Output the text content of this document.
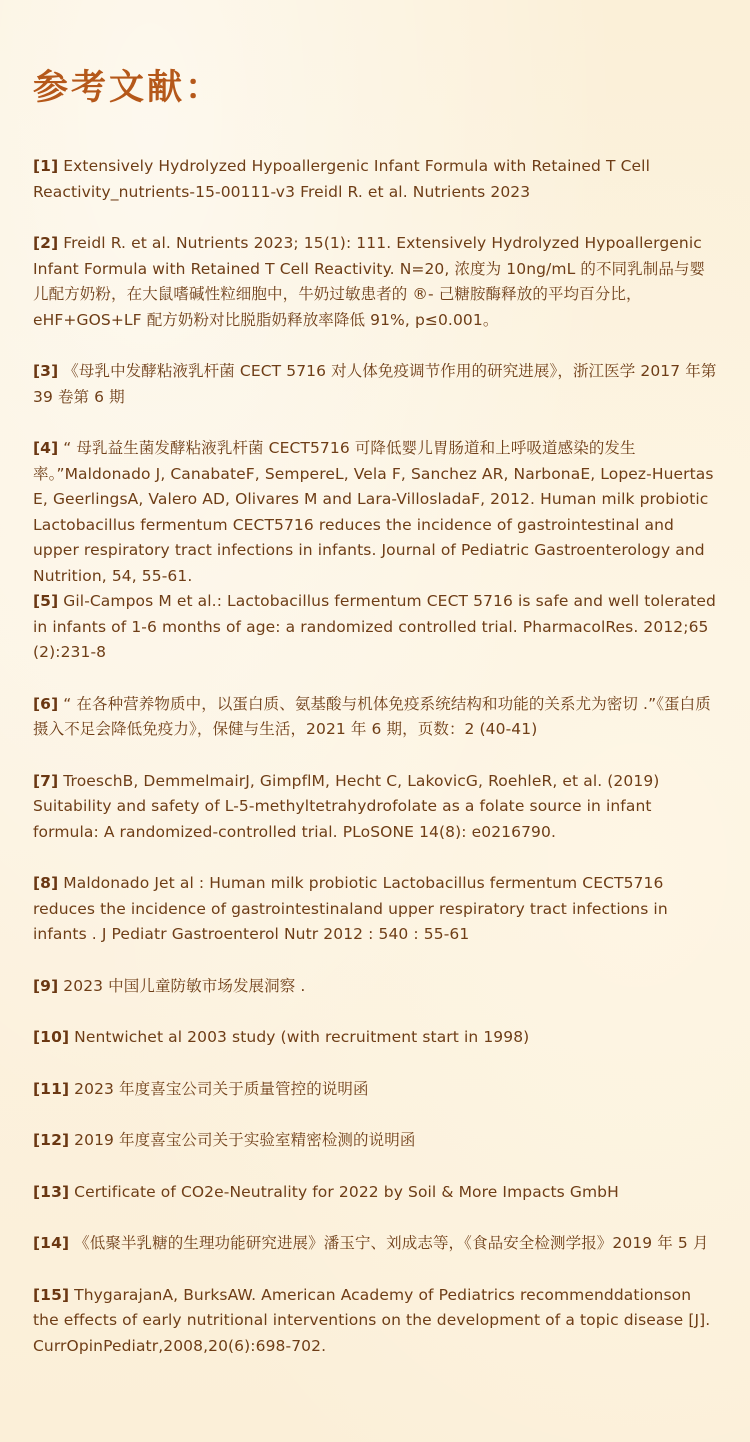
参考文献：
[1] Extensively Hydrolyzed Hypoallergenic Infant Formula with Retained T Cell Reactivity_nutrients-15-00111-v3 Freidl R. et al. Nutrients 2023
[2] Freidl R. et al. Nutrients 2023; 15(1): 111. Extensively Hydrolyzed Hypoallergenic Infant Formula with Retained T Cell Reactivity. N=20, 浓度为 10ng/mL 的不同乳制品与婴儿配方奶粉，在大鼠嗜碱性粒细胞中，牛奶过敏患者的 ®- 己糖胺酶释放的平均百分比，eHF+GOS+LF 配方奶粉对比脱脂奶释放率降低 91%, p≤0.001。
[3] 《母乳中发酵粘液乳杆菌 CECT 5716 对人体免疫调节作用的研究进展》，浙江医学 2017 年第 39 卷第 6 期
[4] “ 母乳益生菌发酵粘液乳杆菌 CECT5716 可降低婴儿胃肠道和上呼吸道感染的发生率。”Maldonado J, CanabateF, SempereL, Vela F, Sanchez AR, NarbonaE, Lopez-Huertas E, GeerlingsA, Valero AD, Olivares M and Lara-VillosladaF, 2012. Human milk probiotic Lactobacillus fermentum CECT5716 reduces the incidence of gastrointestinal and upper respiratory tract infections in infants. Journal of Pediatric Gastroenterology and Nutrition, 54, 55-61.
[5] Gil-Campos M et al.: Lactobacillus fermentum CECT 5716 is safe and well tolerated in infants of 1-6 months of age: a randomized controlled trial. PharmacolRes. 2012;65 (2):231-8
[6] “ 在各种营养物质中，以蛋白质、氨基酸与机体免疫系统结构和功能的关系尤为密切 .”《蛋白质摄入不足会降低免疫力》，保健与生活，2021 年 6 期，页数：2 (40-41)
[7] TroeschB, DemmelmairJ, GimpflM, Hecht C, LakovicG, RoehleR, et al. (2019) Suitability and safety of L-5-methyltetrahydrofolate as a folate source in infant formula: A randomized-controlled trial. PLoSONE 14(8): e0216790.
[8] Maldonado Jet al : Human milk probiotic Lactobacillus fermentum CECT5716 reduces the incidence of gastrointestinaland upper respiratory tract infections in infants . J Pediatr Gastroenterol Nutr 2012 : 540 : 55-61
[9] 2023 中国儿童防敏市场发展洞察 .
[10] Nentwichet al 2003 study (with recruitment start in 1998)
[11] 2023 年度喜宝公司关于质量管控的说明函
[12] 2019 年度喜宝公司关于实验室精密检测的说明函
[13] Certificate of CO2e-Neutrality for 2022 by Soil & More Impacts GmbH
[14] 《低聚半乳糖的生理功能研究进展》潘玉宁、刘成志等，《食品安全检测学报》2019 年 5 月
[15] ThygarajanA, BurksAW. American Academy of Pediatrics recommenddationson the effects of early nutritional interventions on the development of a topic disease [J]. CurrOpinPediatr,2008,20(6):698-702.
